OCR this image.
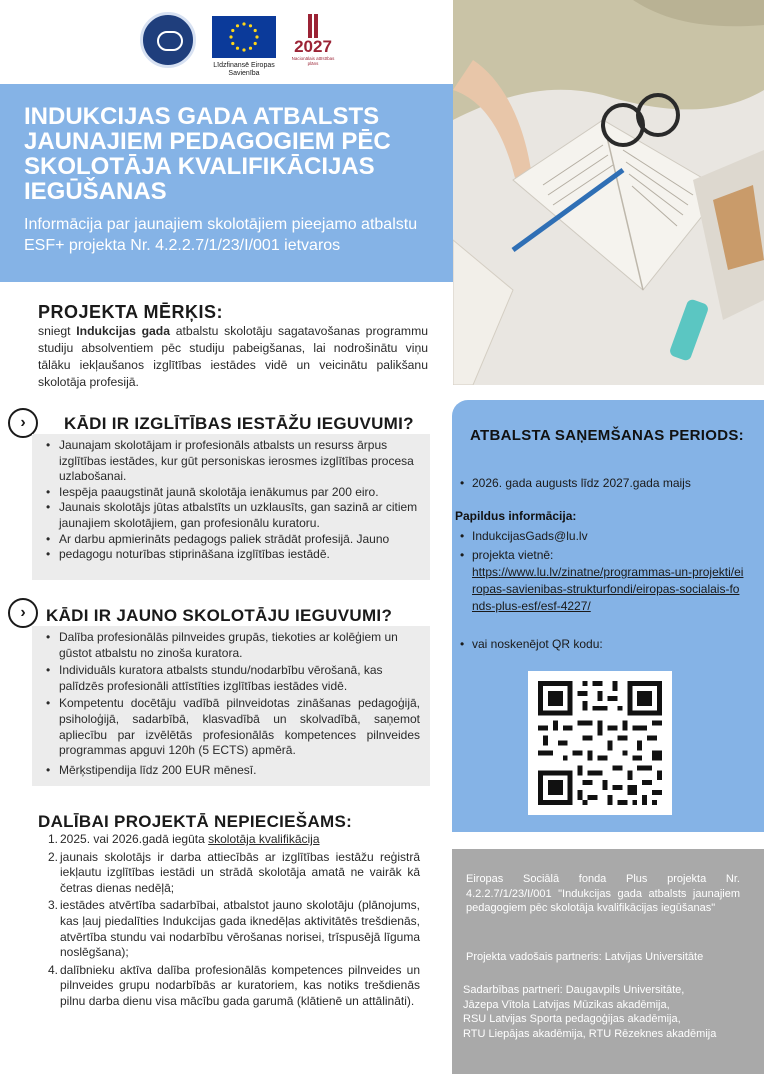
Līdzfinansē Eiropas Savienība
2027
Nacionālais attīstības plāns
INDUKCIJAS GADA ATBALSTS JAUNAJIEM PEDAGOGIEM PĒC SKOLOTĀJA KVALIFIKĀCIJAS IEGŪŠANAS
Informācija par jaunajiem skolotājiem pieejamo atbalstu ESF+ projekta Nr. 4.2.2.7/1/23/I/001 ietvaros
PROJEKTA MĒRĶIS:
sniegt Indukcijas gada atbalstu skolotāju sagatavošanas programmu studiju absolventiem pēc studiju pabeigšanas, lai nodrošinātu viņu tālāku iekļaušanos izglītības iestādes vidē un veicinātu palikšanu skolotāja profesijā.
›	KĀDI IR IZGLĪTĪBAS IESTĀŽU IEGUVUMI?
• Jaunajam skolotājam ir profesionāls atbalsts un resurss ārpus izglītības iestādes, kur gūt personiskas ierosmes izglītības procesa uzlabošanai.
• Iespēja paaugstināt jaunā skolotāja ienākumus par 200 eiro.
• Jaunais skolotājs jūtas atbalstīts un uzklausīts, gan sazinā ar citiem jaunajiem skolotājiem, gan profesionālu kuratoru.
• Ar darbu apmierināts pedagogs paliek strādāt profesijā. Jauno
• pedagogu noturības stiprināšana izglītības iestādē.
›	KĀDI IR JAUNO SKOLOTĀJU IEGUVUMI?
• Dalība profesionālās pilnveides grupās, tiekoties ar kolēģiem un gūstot atbalstu no zinoša kuratora.
• Individuāls kuratora atbalsts stundu/nodarbību vērošanā, kas palīdzēs profesionāli attīstīties izglītības iestādes vidē.
• Kompetentu docētāju vadībā pilnveidotas zināšanas pedagoģijā, psiholoģijā, sadarbībā, klasvadībā un skolvadībā, saņemot apliecību par izvēlētās profesionālās kompetences pilnveides programmas apguvi 120h (5 ECTS) apmērā.
• Mērķstipendija līdz 200 EUR mēnesī.
DALĪBAI PROJEKTĀ NEPIECIEŠAMS:
1. 2025. vai 2026.gadā iegūta skolotāja kvalifikācija
2. jaunais skolotājs ir darba attiecībās ar izglītības iestāžu reģistrā iekļautu izglītības iestādi un strādā skolotāja amatā ne vairāk kā četras dienas nedēļā;
3. iestādes atvērtība sadarbībai, atbalstot jauno skolotāju (plānojums, kas ļauj piedalīties Indukcijas gada iknedēļas aktivitātēs trešdienās, atvērtība stundu vai nodarbību vērošanas norisei, trīspusējā līguma noslēgšana);
4. dalībnieku aktīva dalība profesionālās kompetences pilnveides un pilnveides grupu nodarbībās ar kuratoriem, kas notiks trešdienās pilnu darba dienu visa mācību gada garumā (klātienē un attālināti).
ATBALSTA SAŅEMŠANAS PERIODS:
• 2026. gada augusts līdz 2027.gada maijs
Papildus informācija:
• IndukcijasGads@lu.lv
• projekta vietnē:

https://www.lu.lv/zinatne/programmas-un-projekti/eiropas-savienibas-strukturfondi/eiropas-socialais-fonds-plus-esf/esf-4227/
• vai noskenējot QR kodu:
Eiropas Sociālā fonda Plus projekta Nr. 4.2.2.7/1/23/I/001 "Indukcijas gada atbalsts jaunajiem pedagogiem pēc skolotāja kvalifikācijas iegūšanas"
Projekta vadošais partneris: Latvijas Universitāte
Sadarbības partneri: Daugavpils Universitāte,
Jāzepa Vītola Latvijas Mūzikas akadēmija,
RSU Latvijas Sporta pedagoģijas akadēmija,
RTU Liepājas akadēmija, RTU Rēzeknes akadēmija
